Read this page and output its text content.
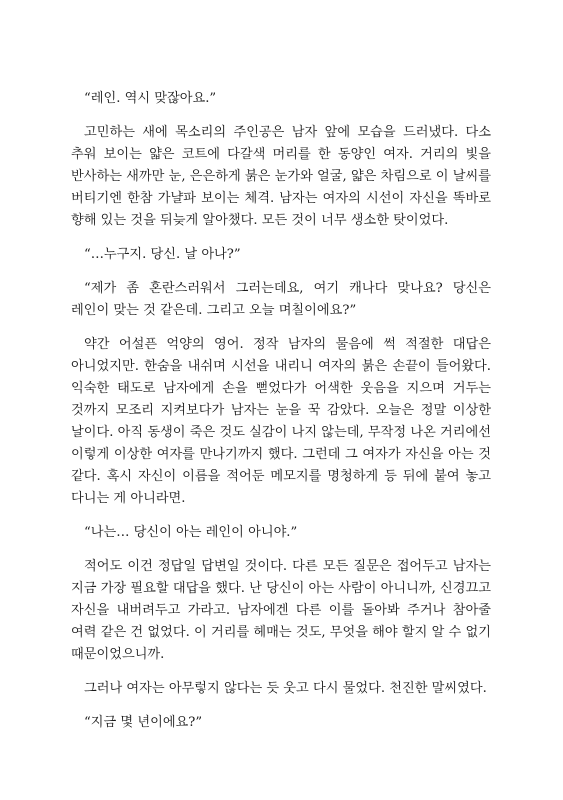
“레인. 역시 맞잖아요.”

고민하는 새에 목소리의 주인공은 남자 앞에 모습을 드러냈다. 다소 추워 보이는 얇은 코트에 다갈색 머리를 한 동양인 여자. 거리의 빛을 반사하는 새까만 눈, 은은하게 붉은 눈가와 얼굴, 얇은 차림으로 이 날씨를 버티기엔 한참 가냘파 보이는 체격. 남자는 여자의 시선이 자신을 똑바로 향해 있는 것을 뒤늦게 알아챘다. 모든 것이 너무 생소한 탓이었다.

“…누구지. 당신. 날 아나?”

“제가 좀 혼란스러워서 그러는데요, 여기 캐나다 맞나요? 당신은 레인이 맞는 것 같은데. 그리고 오늘 며칠이에요?”

약간 어설픈 억양의 영어. 정작 남자의 물음에 썩 적절한 대답은 아니었지만. 한숨을 내쉬며 시선을 내리니 여자의 붉은 손끝이 들어왔다. 익숙한 태도로 남자에게 손을 뻗었다가 어색한 웃음을 지으며 거두는 것까지 모조리 지켜보다가 남자는 눈을 꾹 감았다. 오늘은 정말 이상한 날이다. 아직 동생이 죽은 것도 실감이 나지 않는데, 무작정 나온 거리에선 이렇게 이상한 여자를 만나기까지 했다. 그런데 그 여자가 자신을 아는 것 같다. 혹시 자신이 이름을 적어둔 메모지를 명청하게 등 뒤에 붙여 놓고 다니는 게 아니라면.

“나는… 당신이 아는 레인이 아니야.”

적어도 이건 정답일 답변일 것이다. 다른 모든 질문은 접어두고 남자는 지금 가장 필요할 대답을 했다. 난 당신이 아는 사람이 아니니까, 신경끄고 자신을 내버려두고 가라고. 남자에겐 다른 이를 돌아봐 주거나 참아줄 여력 같은 건 없었다. 이 거리를 헤매는 것도, 무엇을 해야 할지 알 수 없기 때문이었으니까.

그러나 여자는 아무렇지 않다는 듯 웃고 다시 물었다. 천진한 말씨였다.

“지금 몇 년이에요?”
